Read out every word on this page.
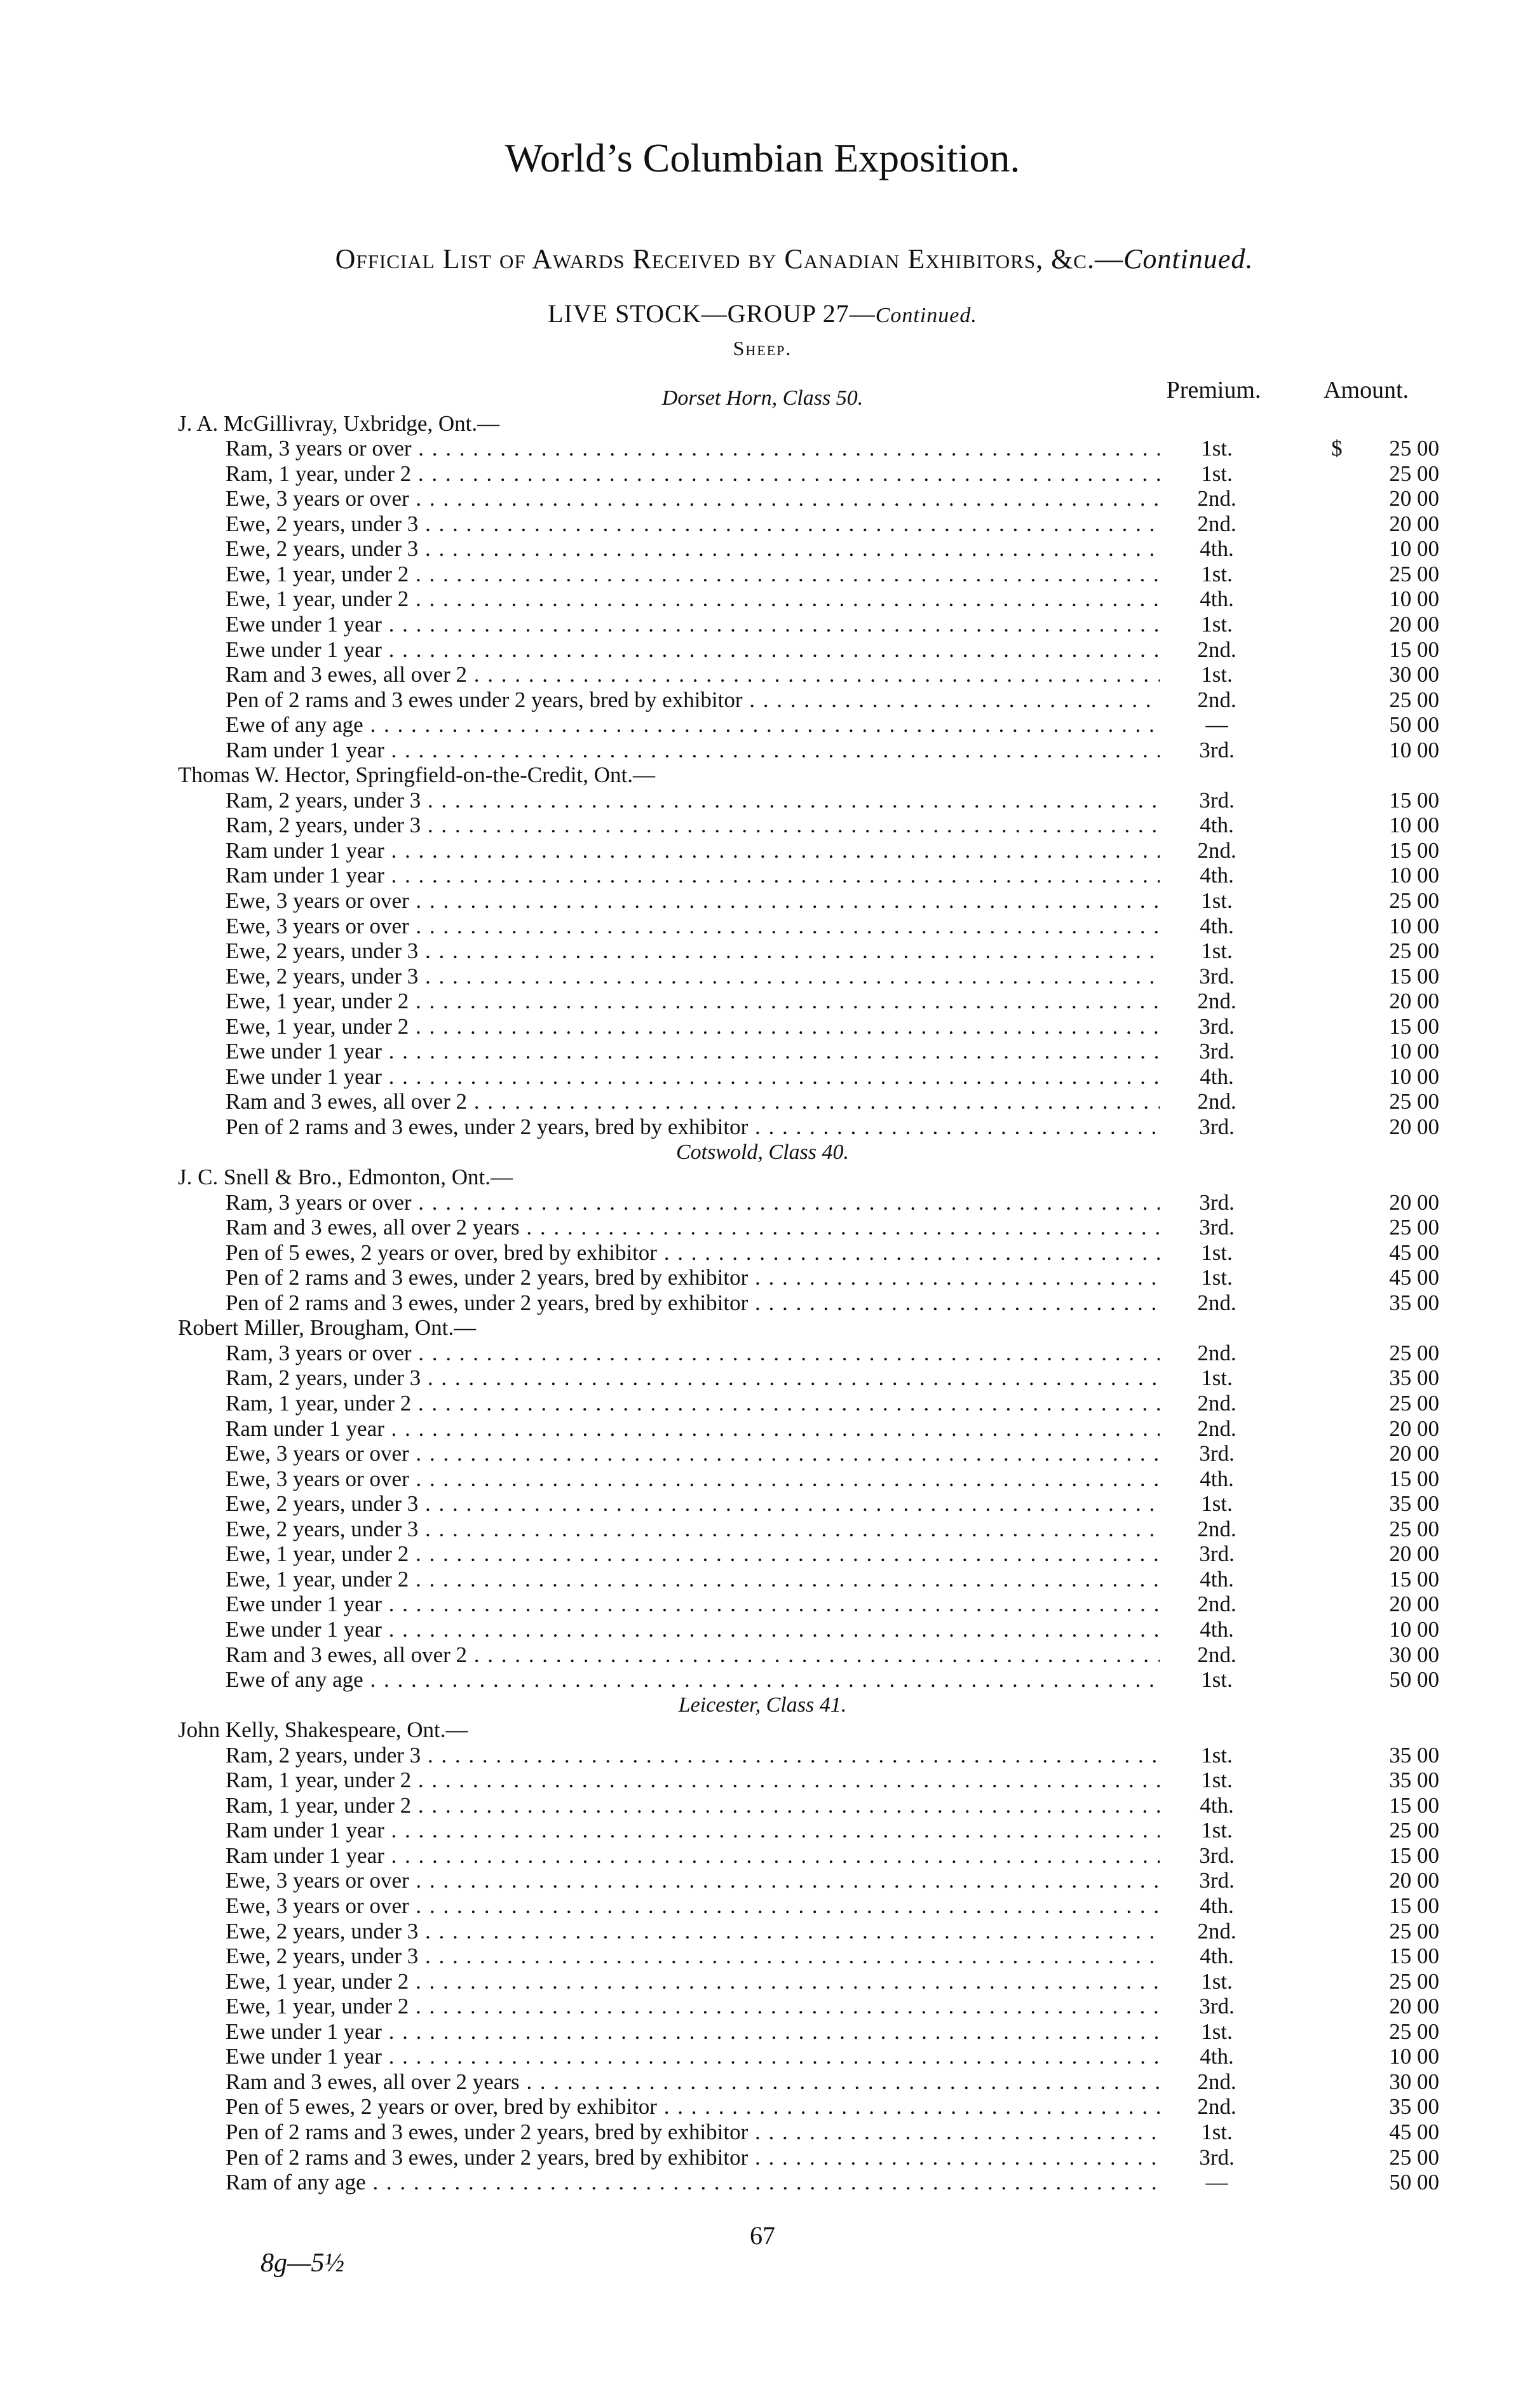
World’s Columbian Exposition.
Official List of Awards Received by Canadian Exhibitors, &c.—Continued.
LIVE STOCK—GROUP 27—Continued.
Sheep.
Premium.	Amount.
Dorset Horn, Class 50.
J. A. McGillivray, Uxbridge, Ont.—
Ram, 3 years or over . . .	1st.	$	25 00
Ram, 1 year, under 2 . . .	1st.	25 00
Ewe, 3 years or over . . .	2nd.	20 00
Ewe, 2 years, under 3 . . .	2nd.	20 00
Ewe, 2 years, under 3 . . .	4th.	10 00
Ewe, 1 year, under 2 . . .	1st.	25 00
Ewe, 1 year, under 2 . . .	4th.	10 00
Ewe under 1 year . . .	1st.	20 00
Ewe under 1 year . . .	2nd.	15 00
Ram and 3 ewes, all over 2 . . .	1st.	30 00
Pen of 2 rams and 3 ewes under 2 years, bred by exhibitor . . .	2nd.	25 00
Ewe of any age . . .	—	50 00
Ram under 1 year . . .	3rd.	10 00
Thomas W. Hector, Springfield-on-the-Credit, Ont.—
Ram, 2 years, under 3 . . .	3rd.	15 00
Ram, 2 years, under 3 . . .	4th.	10 00
Ram under 1 year . . .	2nd.	15 00
Ram under 1 year . . .	4th.	10 00
Ewe, 3 years or over . . .	1st.	25 00
Ewe, 3 years or over . . .	4th.	10 00
Ewe, 2 years, under 3 . . .	1st.	25 00
Ewe, 2 years, under 3 . . .	3rd.	15 00
Ewe, 1 year, under 2 . . .	2nd.	20 00
Ewe, 1 year, under 2 . . .	3rd.	15 00
Ewe under 1 year . . .	3rd.	10 00
Ewe under 1 year . . .	4th.	10 00
Ram and 3 ewes, all over 2 . . .	2nd.	25 00
Pen of 2 rams and 3 ewes, under 2 years, bred by exhibitor . . .	3rd.	20 00
Cotswold, Class 40.
J. C. Snell & Bro., Edmonton, Ont.—
Ram, 3 years or over . . .	3rd.	20 00
Ram and 3 ewes, all over 2 years . . .	3rd.	25 00
Pen of 5 ewes, 2 years or over, bred by exhibitor . . .	1st.	45 00
Pen of 2 rams and 3 ewes, under 2 years, bred by exhibitor . . .	1st.	45 00
Pen of 2 rams and 3 ewes, under 2 years, bred by exhibitor . . .	2nd.	35 00
Robert Miller, Brougham, Ont.—
Ram, 3 years or over . . .	2nd.	25 00
Ram, 2 years, under 3 . . .	1st.	35 00
Ram, 1 year, under 2 . . .	2nd.	25 00
Ram under 1 year . . .	2nd.	20 00
Ewe, 3 years or over . . .	3rd.	20 00
Ewe, 3 years or over . . .	4th.	15 00
Ewe, 2 years, under 3 . . .	1st.	35 00
Ewe, 2 years, under 3 . . .	2nd.	25 00
Ewe, 1 year, under 2 . . .	3rd.	20 00
Ewe, 1 year, under 2 . . .	4th.	15 00
Ewe under 1 year . . .	2nd.	20 00
Ewe under 1 year . . .	4th.	10 00
Ram and 3 ewes, all over 2 . . .	2nd.	30 00
Ewe of any age . . .	1st.	50 00
Leicester, Class 41.
John Kelly, Shakespeare, Ont.—
Ram, 2 years, under 3 . . .	1st.	35 00
Ram, 1 year, under 2 . . .	1st.	35 00
Ram, 1 year, under 2 . . .	4th.	15 00
Ram under 1 year . . .	1st.	25 00
Ram under 1 year . . .	3rd.	15 00
Ewe, 3 years or over . . .	3rd.	20 00
Ewe, 3 years or over . . .	4th.	15 00
Ewe, 2 years, under 3 . . .	2nd.	25 00
Ewe, 2 years, under 3 . . .	4th.	15 00
Ewe, 1 year, under 2 . . .	1st.	25 00
Ewe, 1 year, under 2 . . .	3rd.	20 00
Ewe under 1 year . . .	1st.	25 00
Ewe under 1 year . . .	4th.	10 00
Ram and 3 ewes, all over 2 years . . .	2nd.	30 00
Pen of 5 ewes, 2 years or over, bred by exhibitor . . .	2nd.	35 00
Pen of 2 rams and 3 ewes, under 2 years, bred by exhibitor . . .	1st.	45 00
Pen of 2 rams and 3 ewes, under 2 years, bred by exhibitor . . .	3rd.	25 00
Ram of any age . . .	—	50 00
67
8g—5½
